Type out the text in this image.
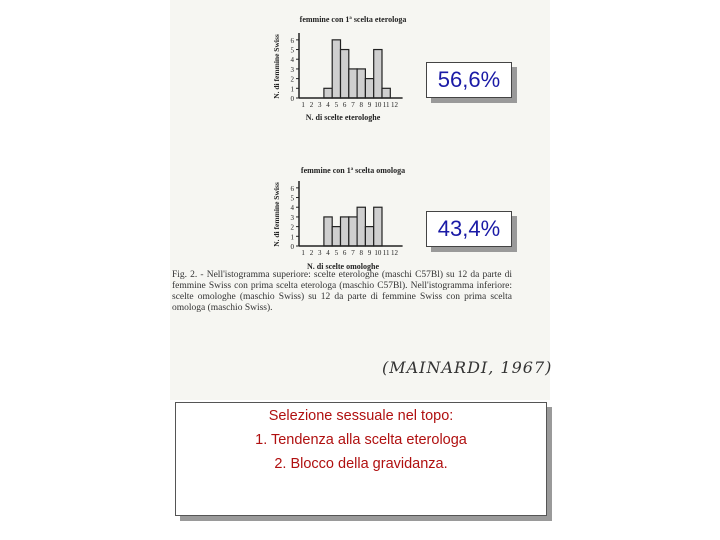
0
1
2
3
4
5
6
1 2 3 4 5 6 7 8 9 10 11 12
femmine con 1ª scelta eterologa
N. di scelte eterologhe
N. di femmine Swiss
0
1
2
3
4
5
6
1 2 3 4 5 6 7 8 9 10 11 12
femmine con 1ª scelta omologa
N. di scelte omologhe
N. di femmine Swiss
56,6%
43,4%
Fig. 2. - Nell'istogramma superiore: scelte eterologhe (maschi C57Bl) su 12 da parte di femmine Swiss con prima scelta eterologa (maschio C57Bl). Nell'istogramma inferiore: scelte omologhe (maschio Swiss) su 12 da parte di femmine Swiss con prima scelta omologa (maschio Swiss).
(MAINARDI, 1967)
Selezione sessuale nel topo:
1. Tendenza alla scelta eterologa
2. Blocco della gravidanza.
